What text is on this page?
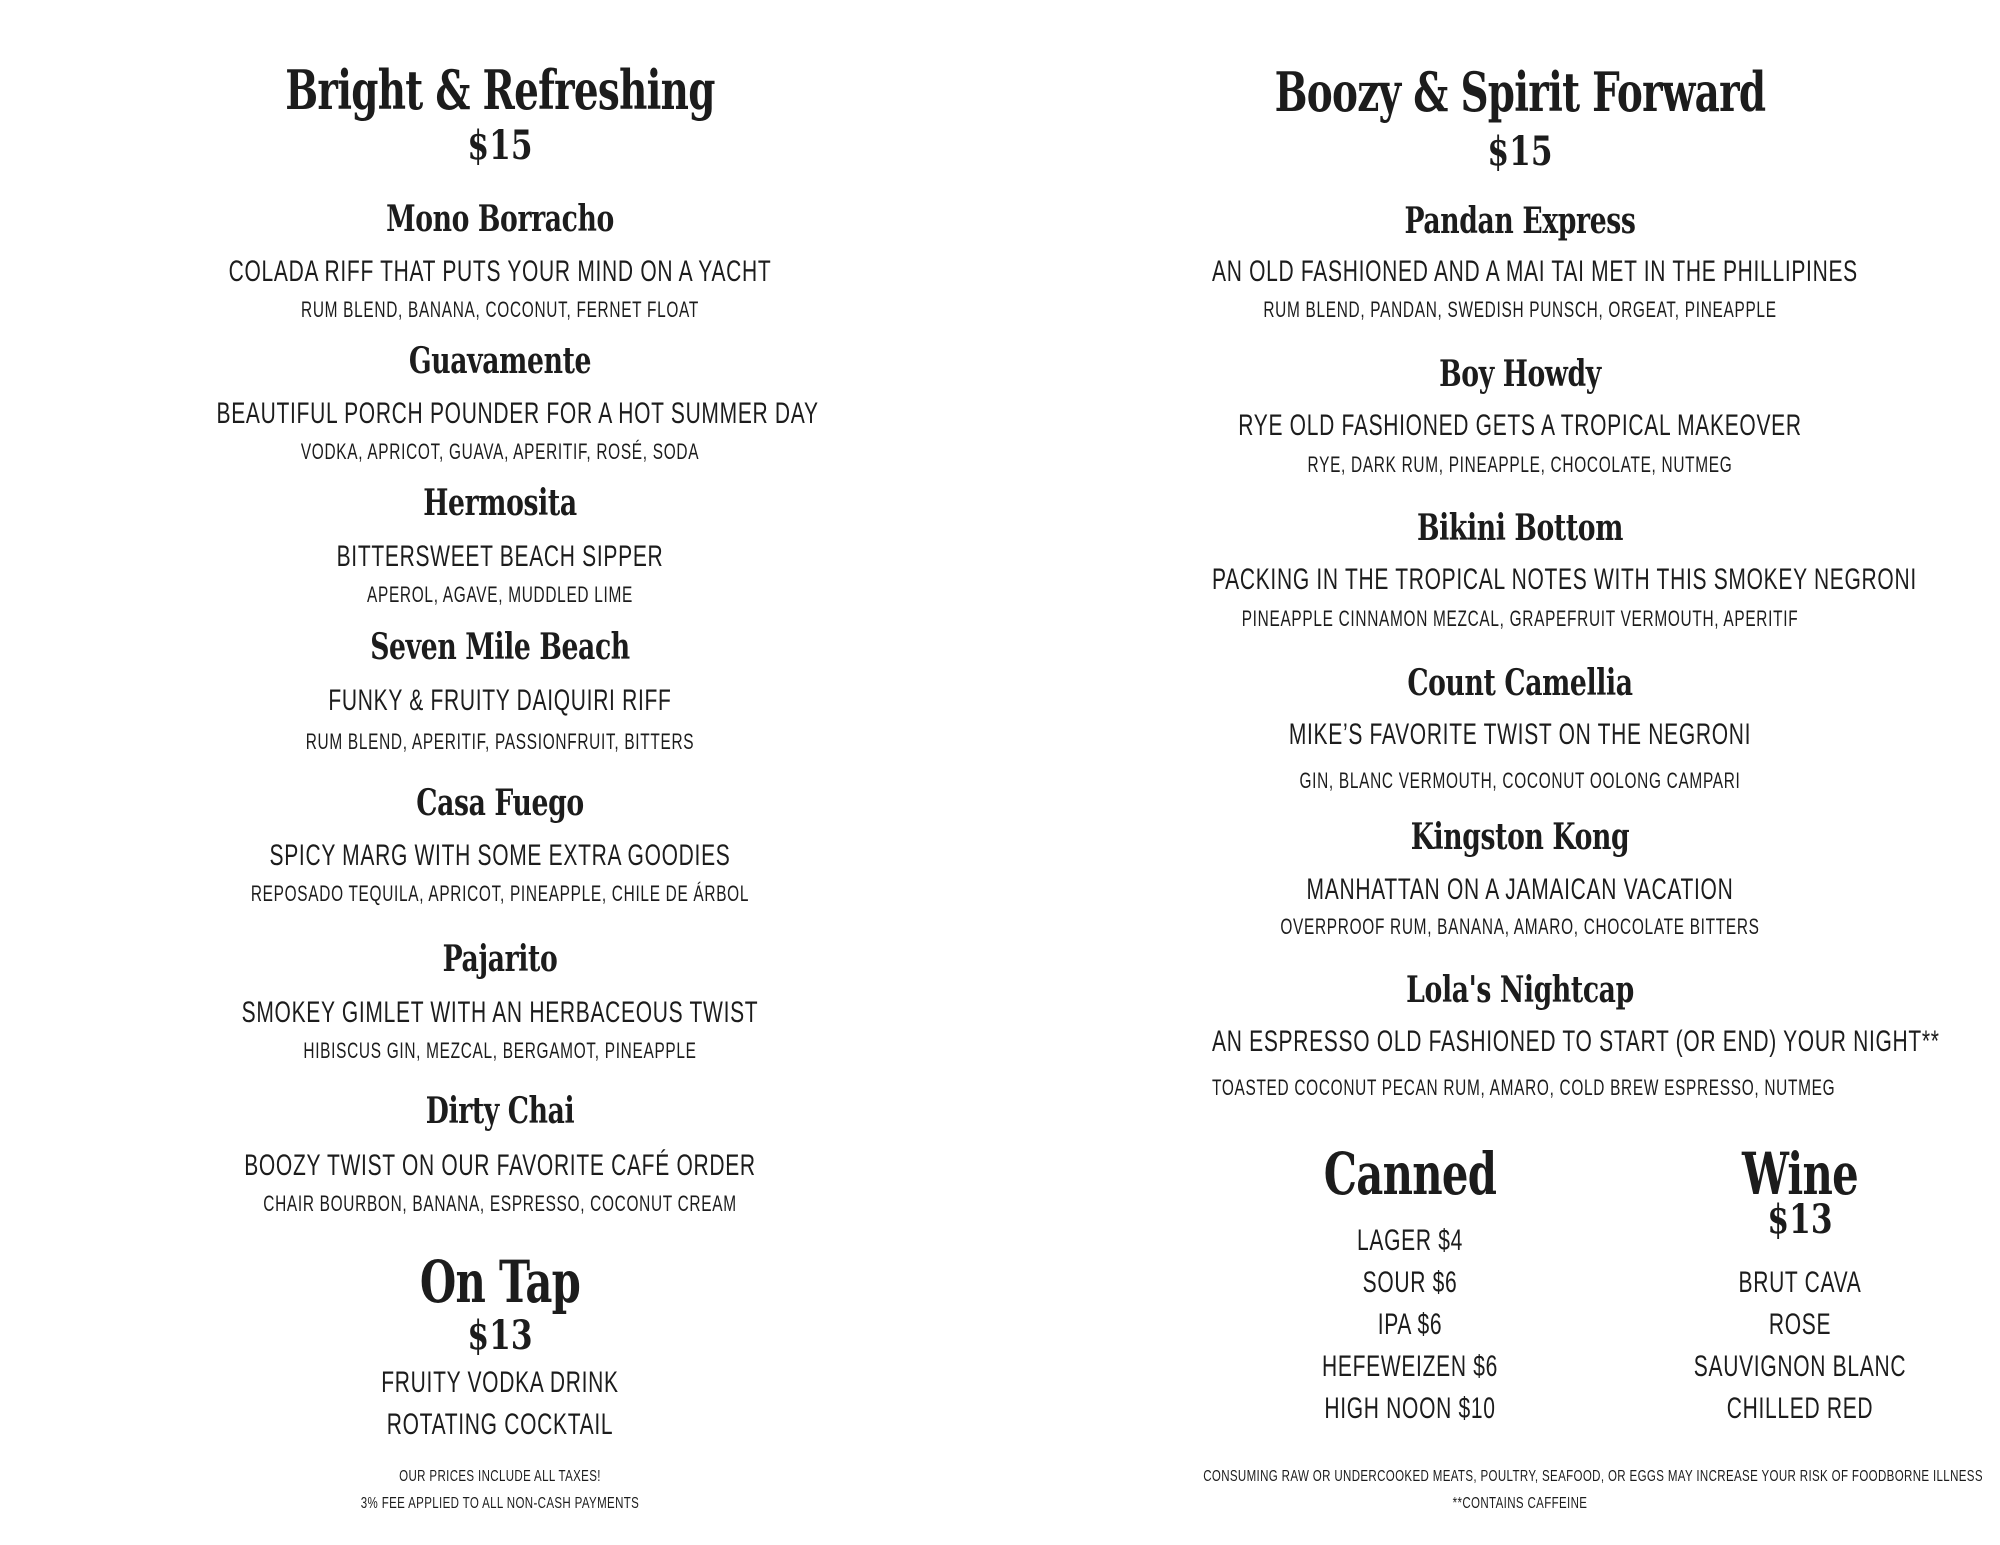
Bright & Refreshing
$15
Mono Borracho
COLADA RIFF THAT PUTS YOUR MIND ON A YACHT
RUM BLEND, BANANA, COCONUT, FERNET FLOAT
Guavamente
BEAUTIFUL PORCH POUNDER FOR A HOT SUMMER DAY
VODKA, APRICOT, GUAVA, APERITIF, ROSÉ, SODA
Hermosita
BITTERSWEET BEACH SIPPER
APEROL, AGAVE, MUDDLED LIME
Seven Mile Beach
FUNKY & FRUITY DAIQUIRI RIFF
RUM BLEND, APERITIF, PASSIONFRUIT, BITTERS
Casa Fuego
SPICY MARG WITH SOME EXTRA GOODIES
REPOSADO TEQUILA, APRICOT, PINEAPPLE, CHILE DE ÁRBOL
Pajarito
SMOKEY GIMLET WITH AN HERBACEOUS TWIST
HIBISCUS GIN, MEZCAL, BERGAMOT, PINEAPPLE
Dirty Chai
BOOZY TWIST ON OUR FAVORITE CAFÉ ORDER
CHAIR BOURBON, BANANA, ESPRESSO, COCONUT CREAM
On Tap
$13
FRUITY VODKA DRINK
ROTATING COCKTAIL
OUR PRICES INCLUDE ALL TAXES!
3% FEE APPLIED TO ALL NON-CASH PAYMENTS
Boozy & Spirit Forward
$15
Pandan Express
AN OLD FASHIONED AND A MAI TAI MET IN THE PHILLIPINES
RUM BLEND, PANDAN, SWEDISH PUNSCH, ORGEAT, PINEAPPLE
Boy Howdy
RYE OLD FASHIONED GETS A TROPICAL MAKEOVER
RYE, DARK RUM, PINEAPPLE, CHOCOLATE, NUTMEG
Bikini Bottom
PACKING IN THE TROPICAL NOTES WITH THIS SMOKEY NEGRONI
PINEAPPLE CINNAMON MEZCAL, GRAPEFRUIT VERMOUTH, APERITIF
Count Camellia
MIKE’S FAVORITE TWIST ON THE NEGRONI
GIN, BLANC VERMOUTH, COCONUT OOLONG CAMPARI
Kingston Kong
MANHATTAN ON A JAMAICAN VACATION
OVERPROOF RUM, BANANA, AMARO, CHOCOLATE BITTERS
Lola's Nightcap
AN ESPRESSO OLD FASHIONED TO START (OR END) YOUR NIGHT**
TOASTED COCONUT PECAN RUM, AMARO, COLD BREW ESPRESSO, NUTMEG
Canned
LAGER $4
SOUR $6
IPA $6
HEFEWEIZEN $6
HIGH NOON $10
Wine
$13
BRUT CAVA
ROSE
SAUVIGNON BLANC
CHILLED RED
CONSUMING RAW OR UNDERCOOKED MEATS, POULTRY, SEAFOOD, OR EGGS MAY INCREASE YOUR RISK OF FOODBORNE ILLNESS
**CONTAINS CAFFEINE
